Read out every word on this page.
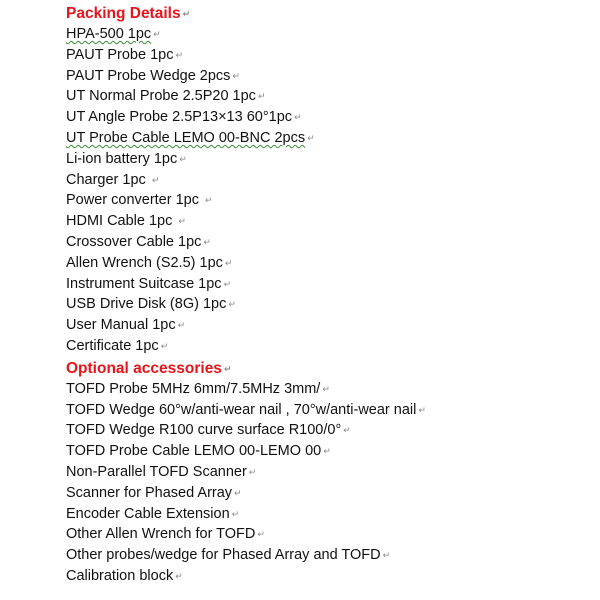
Packing Details ↵
HPA-500 1pc ↵
PAUT Probe 1pc ↵
PAUT Probe Wedge 2pcs ↵
UT Normal Probe 2.5P20 1pc ↵
UT Angle Probe 2.5P13×13 60°1pc ↵
UT Probe Cable LEMO 00-BNC 2pcs ↵
Li-ion battery 1pc ↵
Charger 1pc ↵
Power converter 1pc ↵
HDMI Cable 1pc ↵
Crossover Cable 1pc ↵
Allen Wrench (S2.5) 1pc ↵
Instrument Suitcase 1pc ↵
USB Drive Disk (8G) 1pc ↵
User Manual 1pc ↵
Certificate 1pc ↵
Optional accessories ↵
TOFD Probe 5MHz 6mm/7.5MHz 3mm/ ↵
TOFD Wedge 60°w/anti-wear nail , 70°w/anti-wear nail ↵
TOFD Wedge R100 curve surface R100/0° ↵
TOFD Probe Cable LEMO 00-LEMO 00 ↵
Non-Parallel TOFD Scanner ↵
Scanner for Phased Array ↵
Encoder Cable Extension ↵
Other Allen Wrench for TOFD ↵
Other probes/wedge for Phased Array and TOFD ↵
Calibration block ↵
